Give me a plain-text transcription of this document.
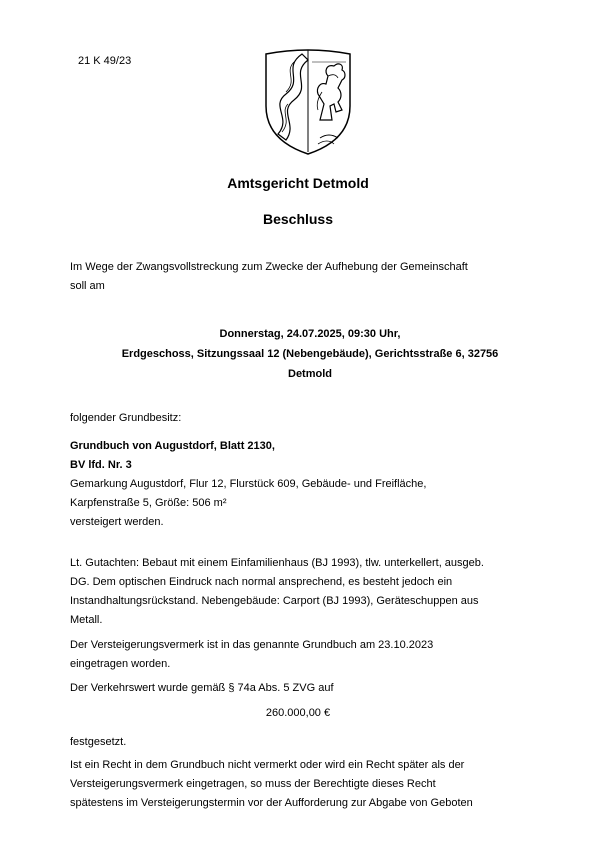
21 K 49/23
Amtsgericht Detmold
Beschluss
Im Wege der Zwangsvollstreckung zum Zwecke der Aufhebung der Gemeinschaft
soll am
Donnerstag, 24.07.2025, 09:30 Uhr,
Erdgeschoss, Sitzungssaal 12 (Nebengebäude), Gerichtsstraße 6, 32756
Detmold
folgender Grundbesitz:
Grundbuch von Augustdorf, Blatt 2130,
BV lfd. Nr. 3
Gemarkung Augustdorf, Flur 12, Flurstück 609, Gebäude- und Freifläche,
Karpfenstraße 5, Größe: 506 m²
versteigert werden.
Lt. Gutachten: Bebaut mit einem Einfamilienhaus (BJ 1993), tlw. unterkellert, ausgeb.
DG. Dem optischen Eindruck nach normal ansprechend, es besteht jedoch ein
Instandhaltungsrückstand. Nebengebäude: Carport (BJ 1993), Geräteschuppen aus
Metall.
Der Versteigerungsvermerk ist in das genannte Grundbuch am 23.10.2023
eingetragen worden.
Der Verkehrswert wurde gemäß § 74a Abs. 5 ZVG auf
260.000,00 €
festgesetzt.
Ist ein Recht in dem Grundbuch nicht vermerkt oder wird ein Recht später als der
Versteigerungsvermerk eingetragen, so muss der Berechtigte dieses Recht
spätestens im Versteigerungstermin vor der Aufforderung zur Abgabe von Geboten
